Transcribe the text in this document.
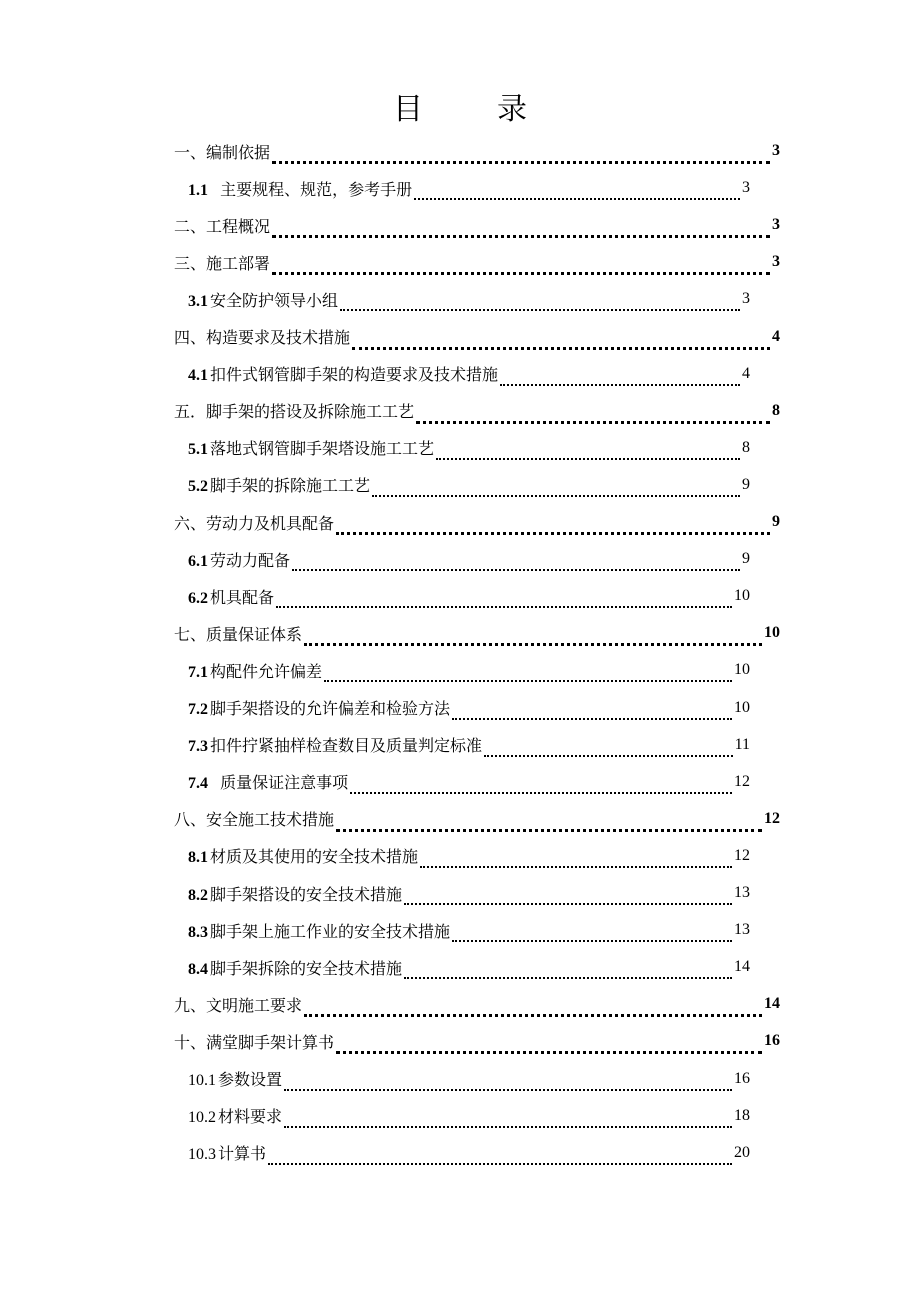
目 录
一、编制依据	3
1.1  主要规程、规范，参考手册	3
二、工程概况	3
三、施工部署	3
3.1 安全防护领导小组	3
四、构造要求及技术措施	4
4.1 扣件式钢管脚手架的构造要求及技术措施	4
五．脚手架的搭设及拆除施工工艺	8
5.1 落地式钢管脚手架塔设施工工艺	8
5.2 脚手架的拆除施工工艺	9
六、劳动力及机具配备	9
6.1 劳动力配备	9
6.2 机具配备	10
七、质量保证体系	10
7.1 构配件允许偏差	10
7.2 脚手架搭设的允许偏差和检验方法	10
7.3 扣件拧紧抽样检查数目及质量判定标准	11
7.4  质量保证注意事项	12
八、安全施工技术措施	12
8.1 材质及其使用的安全技术措施	12
8.2 脚手架搭设的安全技术措施	13
8.3 脚手架上施工作业的安全技术措施	13
8.4 脚手架拆除的安全技术措施	14
九、文明施工要求	14
十、满堂脚手架计算书	16
10.1 参数设置	16
10.2 材料要求	18
10.3 计算书	20
